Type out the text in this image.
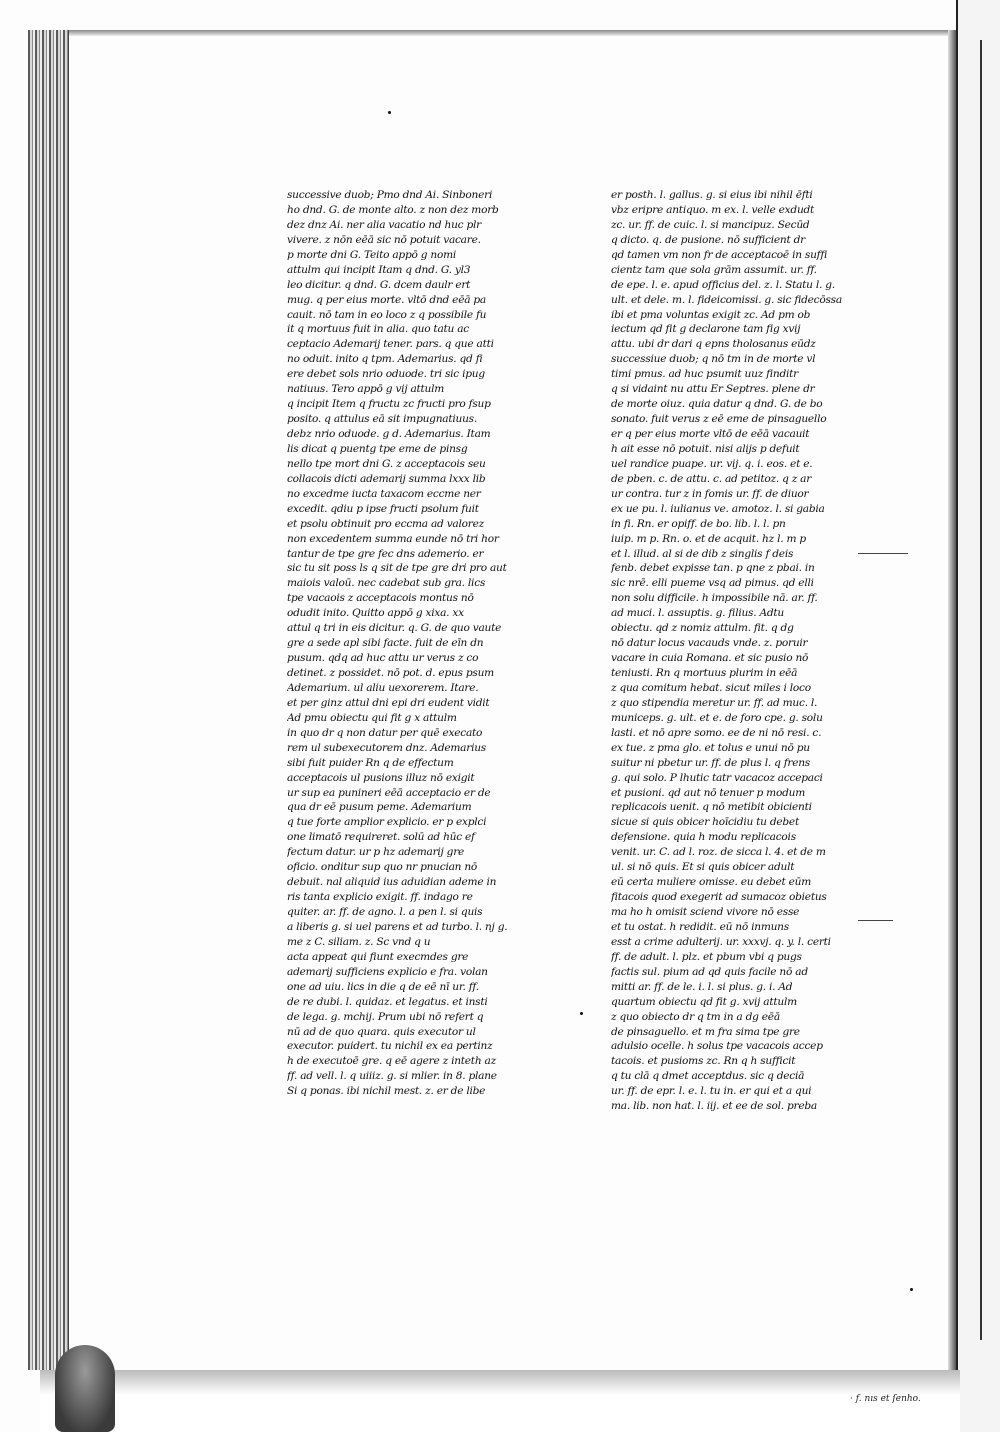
successive duob; Pmo dnd Ai. Sinboneri
ho dnd. G. de monte alto. z non dez morb
dez dnz Ai. ner alia vacatio nd huc plr
vivere. z nōn eēā sic nō potuit vacare.
p morte dni G. Teito appō g nomi
attulm qui incipit Itam q dnd. G. yl3
leo dicitur. q dnd. G. dcem daulr ert
mug. q per eius morte. vltō dnd eēā pa
cauit. nō tam in eo loco z q possibile fu
it q mortuus fuit in alia. quo tatu ac
ceptacio Ademarij tener. pars. q que atti
no oduit. inito q tpm. Ademarius. qd fi
ere debet sols nrio oduode. tri sic ipug
natiuus. Tero appō g vij attulm
q incipit Item q fructu zc fructi pro fsup
posito. q attulus eā sit impugnatiuus.
debz nrio oduode. g d. Ademarius. Itam
lis dicat q puentg tpe eme de pinsg
nello tpe mort dni G. z acceptacois seu
collacois dicti ademarij summa lxxx lib
no excedme iucta taxacom eccme ner
excedit. qdiu p ipse fructi psolum fuit
et psolu obtinuit pro eccma ad valorez
non excedentem summa eunde nō tri hor
tantur de tpe gre fec dns ademerio. er
sic tu sit poss ls q sit de tpe gre dri pro aut
maiois valoū. nec cadebat sub gra. lics
tpe vacaois z acceptacois montus nō
odudit inito. Quitto appō g xixa. xx
attul q tri in eis dicitur. q. G. de quo vaute
gre a sede apl sibi facte. fuit de eīn dn
pusum. qdq ad huc attu ur verus z co
detinet. z possidet. nō pot. d. epus psum
Ademarium. ul aliu uexorerem. Itare.
et per ginz attul dni epi dri eudent vidit
Ad pmu obiectu qui fit g x attulm
in quo dr q non datur per quē execato
rem ul subexecutorem dnz. Ademarius
sibi fuit puider Rn q de effectum
acceptacois ul pusions illuz nō exigit
ur sup ea punineri eēā acceptacio er de
qua dr eē pusum peme. Ademarium
q tue forte amplior explicio. er p explci
one limatō requireret. solū ad hūc ef
fectum datur. ur p hz ademarij gre
oficio. onditur sup quo nr pnucian nō
debuit. nal aliquid ius aduidian ademe in
ris tanta explicio exigit. ff. indago re
quiter. ar. ff. de agno. l. a pen l. si quis
a liberis g. si uel parens et ad turbo. l. nj g.
me z C. siliam. z. Sc vnd q u
acta appeat qui fiunt execmdes gre
ademarij sufficiens explicio e fra. volan
one ad uiu. lics in die q de eē nī ur. ff.
de re dubi. l. quidaz. et legatus. et insti
de lega. g. mchij. Prum ubi nō refert q
nū ad de quo quara. quis executor ul
executor. puidert. tu nichil ex ea pertinz
h de executoē gre. q eē agere z inteth az
ff. ad vell. l. q uiiiz. g. si mlier. in 8. plane
Si q ponas. ibi nichil mest. z. er de libe
er posth. l. gallus. g. si eius ibi nihil ēfti
vbz eripre antiquo. m ex. l. velle exdudt
zc. ur. ff. de cuic. l. si mancipuz. Secūd
q dicto. q. de pusione. nō sufficient dr
qd tamen vm non fr de acceptacoē in suffi
cientz tam que sola grām assumit. ur. ff.
de epe. l. e. apud officius del. z. l. Statu l. g.
ult. et dele. m. l. fideicomissi. g. sic fidecōssa
ibi et pma voluntas exigit zc. Ad pm ob
iectum qd fit g declarone tam fig xvij
attu. ubi dr dari q epns tholosanus eūdz
successiue duob; q nō tm in de morte vl
timi pmus. ad huc psumit uuz finditr
q si vidaint nu attu Er Septres. plene dr
de morte oiuz. quia datur q dnd. G. de bo
sonato. fuit verus z eē eme de pinsaguello
er q per eius morte vltō de eēā vacauit
h ait esse nō potuit. nisi alijs p defuit
uel randice puape. ur. vij. q. i. eos. et e.
de pben. c. de attu. c. ad petitoz. q z ar
ur contra. tur z in fomis ur. ff. de diuor
ex ue pu. l. iulianus ve. amotoz. l. si gabia
in fi. Rn. er opiff. de bo. lib. l. l. pn
iuip. m p. Rn. o. et de acquit. hz l. m p
et l. illud. al si de dib z singlis f deis
fenb. debet expisse tan. p qne z pbai. in
sic nrē. elli pueme vsq ad pimus. qd elli
non solu difficile. h impossibile nā. ar. ff.
ad muci. l. assuptis. g. filius. Adtu
obiectu. qd z nomiz attulm. fit. q dg
nō datur locus vacauds vnde. z. poruir
vacare in cuia Romana. et sic pusio nō
teniusti. Rn q mortuus plurim in eēā
z qua comitum hebat. sicut miles i loco
z quo stipendia meretur ur. ff. ad muc. l.
municeps. g. ult. et e. de foro cpe. g. solu
lasti. et nō apre somo. ee de ni nō resi. c.
ex tue. z pma glo. et tolus e unui nō pu
suitur ni pbetur ur. ff. de plus l. q frens
g. qui solo. P lhutic tatr vacacoz accepaci
et pusioni. qd aut nō tenuer p modum
replicacois uenit. q nō metibit obicienti
sicue si quis obicer hoīcidiu tu debet
defensione. quia h modu replicacois
venit. ur. C. ad l. roz. de sicca l. 4. et de m
ul. si nō quis. Et si quis obicer adult
eū certa muliere omisse. eu debet eūm
fitacois quod exegerit ad sumacoz obietus
ma ho h omisit sciend vivore nō esse
et tu ostat. h redidit. eū nō inmuns
esst a crime adulterij. ur. xxxvj. q. y. l. certi
ff. de adult. l. plz. et pbum vbi q pugs
factis sul. pium ad qd quis facile nō ad
mitti ar. ff. de le. i. l. si plus. g. i. Ad
quartum obiectu qd fit g. xvij attulm
z quo obiecto dr q tm in a dg eēā
de pinsaguello. et m fra sima tpe gre
adulsio ocelle. h solus tpe vacacois accep
tacois. et pusioms zc. Rn q h sufficit
q tu clā q dmet acceptdus. sic q deciā
ur. ff. de epr. l. e. l. tu in. er qui et a qui
ma. lib. non hat. l. iij. et ee de sol. preba
· f. nıs et ſenho.
